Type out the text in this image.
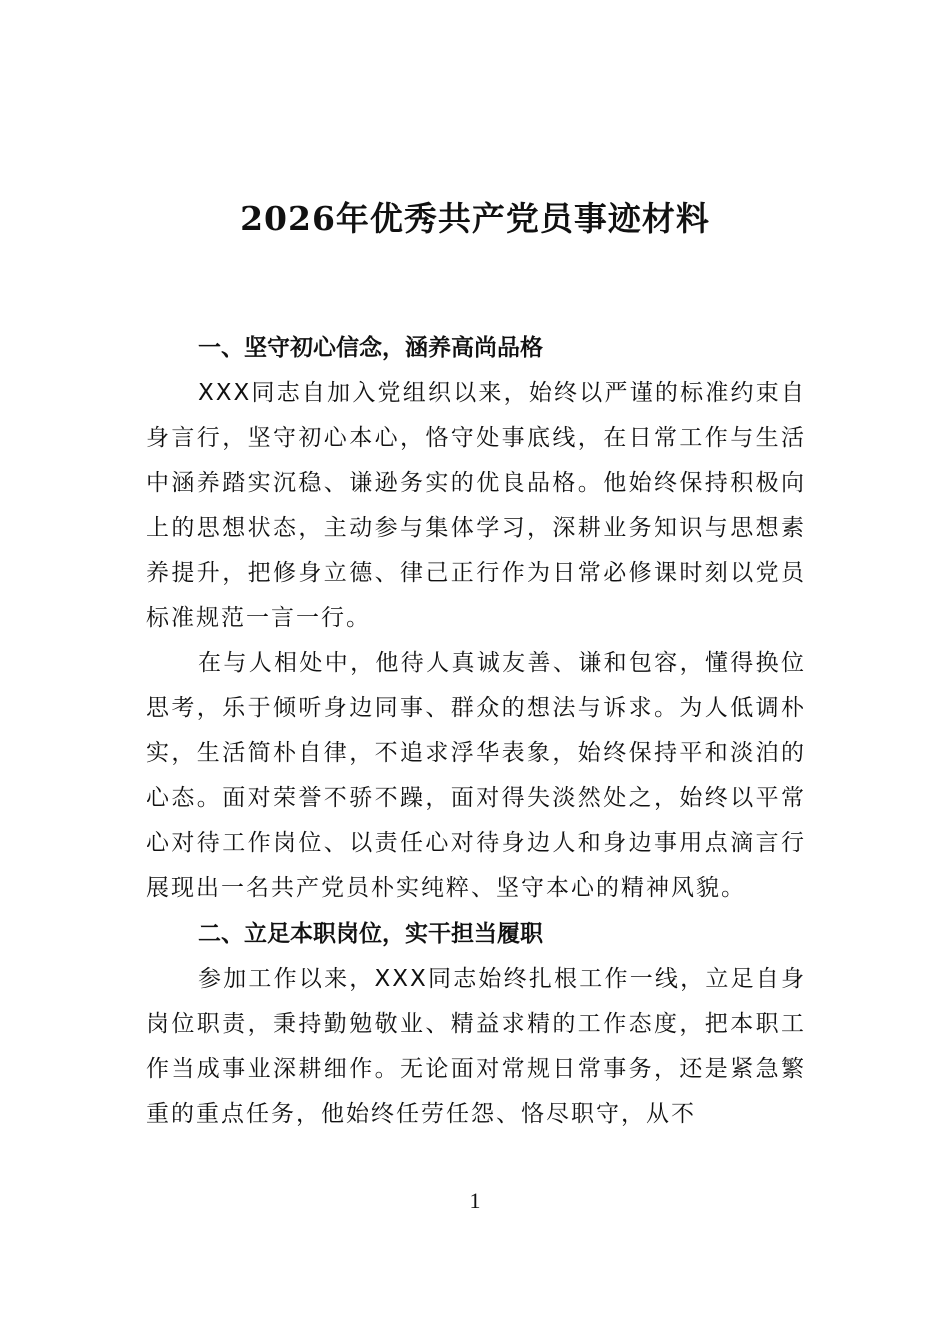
2026年优秀共产党员事迹材料
一、坚守初心信念，涵养高尚品格

XXX同志自加入党组织以来，始终以严谨的标准约束自身言行，坚守初心本心，恪守处事底线，在日常工作与生活中涵养踏实沉稳、谦逊务实的优良品格。他始终保持积极向上的思想状态，主动参与集体学习，深耕业务知识与思想素养提升，把修身立德、律己正行作为日常必修课时刻以党员标准规范一言一行。

在与人相处中，他待人真诚友善、谦和包容，懂得换位思考，乐于倾听身边同事、群众的想法与诉求。为人低调朴实，生活简朴自律，不追求浮华表象，始终保持平和淡泊的心态。面对荣誉不骄不躁，面对得失淡然处之，始终以平常心对待工作岗位、以责任心对待身边人和身边事用点滴言行展现出一名共产党员朴实纯粹、坚守本心的精神风貌。

二、立足本职岗位，实干担当履职

参加工作以来，XXX同志始终扎根工作一线，立足自身岗位职责，秉持勤勉敬业、精益求精的工作态度，把本职工作当成事业深耕细作。无论面对常规日常事务，还是紧急繁重的重点任务，他始终任劳任怨、恪尽职守，从不

1
